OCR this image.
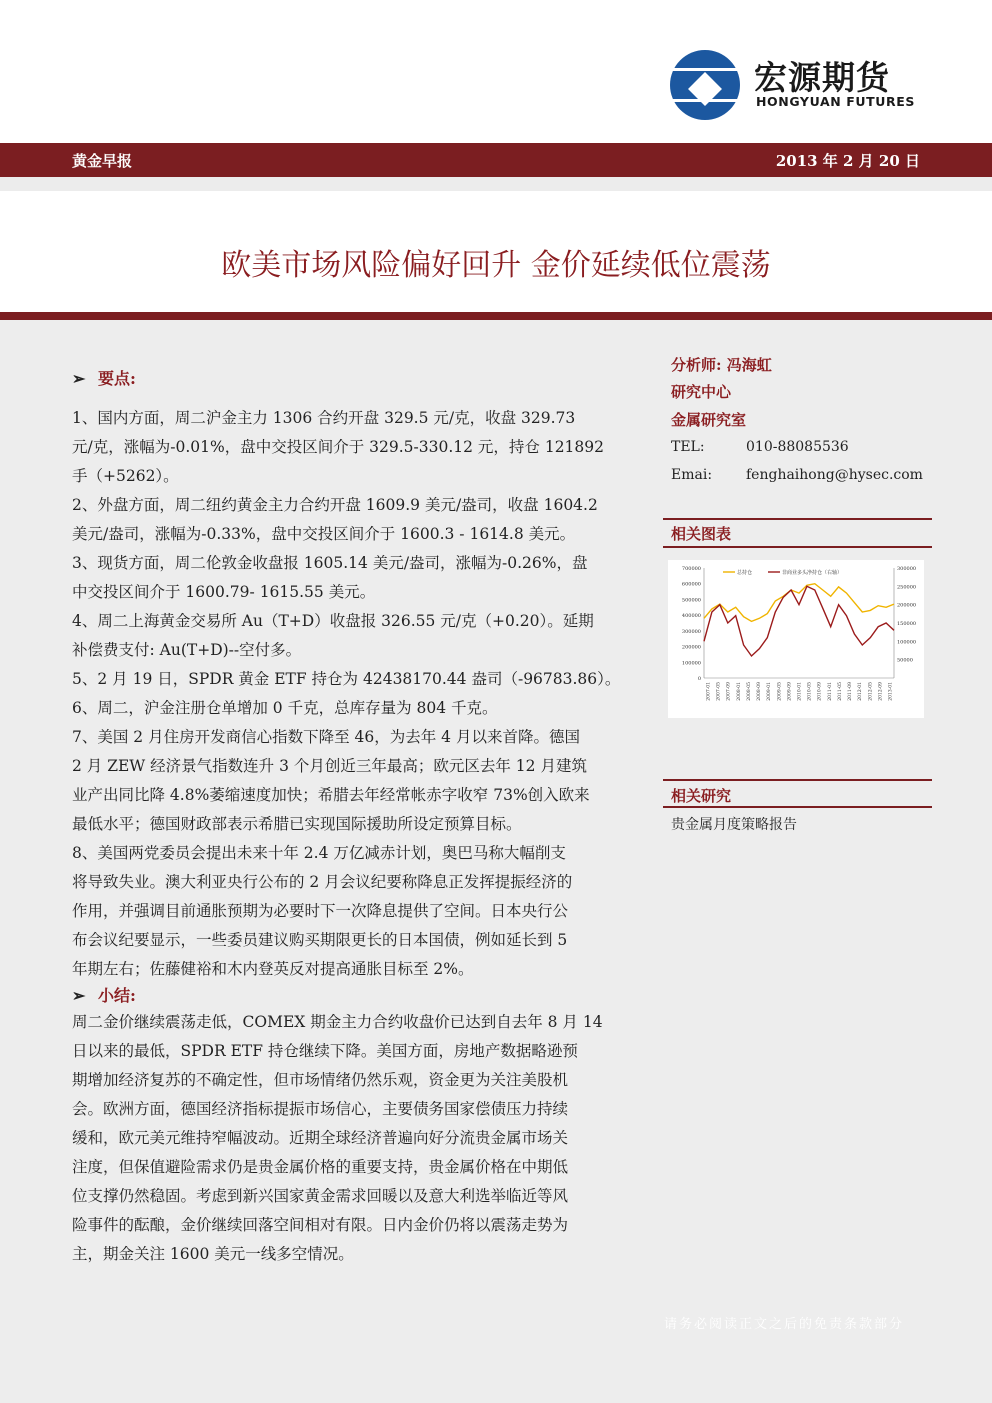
宏源期货
HONGYUAN FUTURES
黄金早报	2013 年 2 月 20 日
欧美市场风险偏好回升 金价延续低位震荡
➢ 要点:

1、国内方面，周二沪金主力 1306 合约开盘 329.5 元/克，收盘 329.73
元/克，涨幅为-0.01%，盘中交投区间介于 329.5-330.12 元，持仓 121892
手（+5262）。

2、外盘方面，周二纽约黄金主力合约开盘 1609.9 美元/盎司，收盘 1604.2
美元/盎司，涨幅为-0.33%，盘中交投区间介于 1600.3 - 1614.8 美元。

3、现货方面，周二伦敦金收盘报 1605.14 美元/盎司，涨幅为-0.26%，盘
中交投区间介于 1600.79- 1615.55 美元。

4、周二上海黄金交易所 Au（T+D）收盘报 326.55 元/克（+0.20）。延期
补偿费支付: Au(T+D)--空付多。

5、2 月 19 日，SPDR 黄金 ETF 持仓为 42438170.44 盎司（-96783.86）。

6、周二，沪金注册仓单增加 0 千克，总库存量为 804 千克。

7、美国 2 月住房开发商信心指数下降至 46，为去年 4 月以来首降。德国
2 月 ZEW 经济景气指数连升 3 个月创近三年最高；欧元区去年 12 月建筑
业产出同比降 4.8%萎缩速度加快；希腊去年经常帐赤字收窄 73%创入欧来
最低水平；德国财政部表示希腊已实现国际援助所设定预算目标。

8、美国两党委员会提出未来十年 2.4 万亿减赤计划，奥巴马称大幅削支
将导致失业。澳大利亚央行公布的 2 月会议纪要称降息正发挥提振经济的
作用，并强调目前通胀预期为必要时下一次降息提供了空间。日本央行公
布会议纪要显示，一些委员建议购买期限更长的日本国债，例如延长到 5
年期左右；佐藤健裕和木内登英反对提高通胀目标至 2%。

➢ 小结:
周二金价继续震荡走低，COMEX 期金主力合约收盘价已达到自去年 8 月 14
日以来的最低，SPDR ETF 持仓继续下降。美国方面，房地产数据略逊预
期增加经济复苏的不确定性，但市场情绪仍然乐观，资金更为关注美股机
会。欧洲方面，德国经济指标提振市场信心，主要债务国家偿债压力持续
缓和，欧元美元维持窄幅波动。近期全球经济普遍向好分流贵金属市场关
注度，但保值避险需求仍是贵金属价格的重要支持，贵金属价格在中期低
位支撑仍然稳固。考虑到新兴国家黄金需求回暖以及意大利选举临近等风
险事件的酝酿，金价继续回落空间相对有限。日内金价仍将以震荡走势为
主，期金关注 1600 美元一线多空情况。
分析师: 冯海虹
研究中心
金属研究室
TEL:	010-88085536
Emai: fenghaihong@hysec.com
相关图表
700000
600000
500000
400000
300000
200000
100000
0
300000
250000
200000
150000
100000
50000
2007-01 2007-05 2007-09 2008-01 2008-05 2008-09 2009-01 2009-05 2009-09 2010-01 2010-05 2010-09 2011-01 2011-05 2011-09 2012-01 2012-05 2012-09 2013-01
总持仓	非商业多头净持仓（右轴）
相关研究
贵金属月度策略报告
请务必阅读正文之后的免责条款部分
